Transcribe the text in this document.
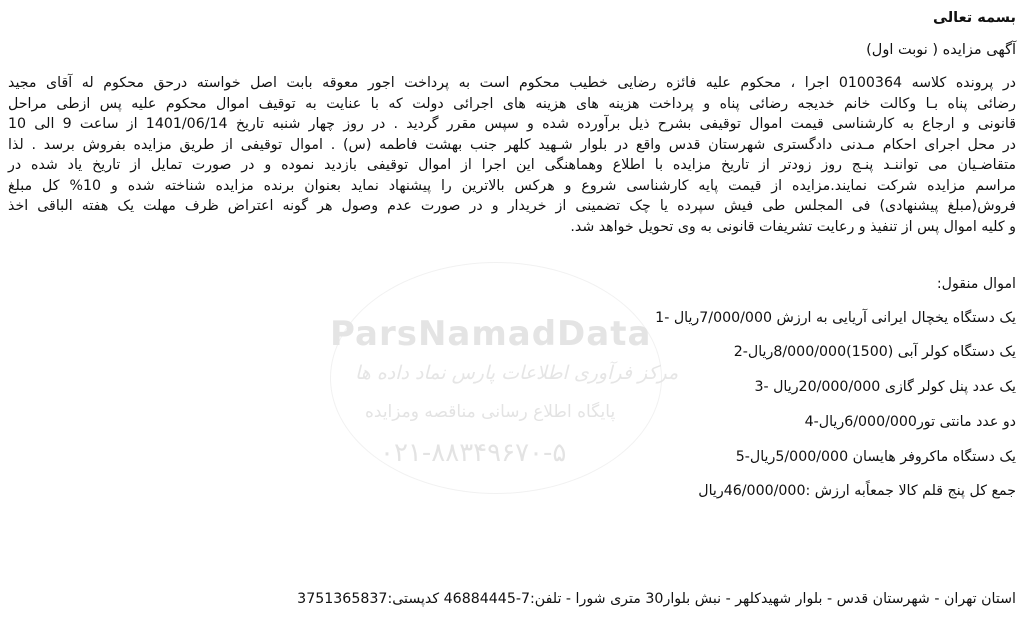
ParsNamadData
مرکز فرآوری اطلاعات پارس نماد داده ها
پایگاه اطلاع رسانی مناقصه ومزایده
۰۲۱-۸۸۳۴۹۶۷۰-۵
بسمه تعالی
آگهی مزایده ( نوبت اول)
در پرونده کلاسه 0100364 اجرا ، محکوم علیه فائزه رضایی خطیب محکوم است به پرداخت اجور معوقه بابت اصل خواسته درحق محکوم له آقای مجید
رضائی پناه بـا وکالت خانم خدیجه رضائی پناه و پرداخت هزینه های هزینه های اجرائی دولت که با عنایت به توقیف اموال محکوم علیه پس ازطی مراحل
قانونی و ارجاع به کارشناسی قیمت اموال توقیفی بشرح ذیل برآورده شده و سپس مقرر گردید . در روز چهار شنبه تاریخ 1401/06/14 از ساعت 9 الی 10
در محل اجرای احکام مـدنی دادگستری شهرستان قدس واقع در بلوار شـهید کلهر جنب بهشت فاطمه (س) . اموال توقیفی از طریق مزایده بفروش برسد . لذا
متقاضـیان می تواننـد پنـج روز زودتر از تاریخ مزایده با اطلاع وهماهنگی این اجرا از اموال توقیفی بازدید نموده و در صورت تمایل از تاریخ یاد شده در
مراسم مزایده شرکت نمایند.مزایده از قیمت پایه کارشناسی شروع و هرکس بالاترین را پیشنهاد نماید بعنوان برنده مزایده شناخته شده و 10% کل مبلغ
فروش(مبلغ پیشنهادی) فی المجلس طی فیش سپرده یا چک تضمینی از خریدار و در صورت عدم وصول هر گونه اعتراض ظرف مهلت یک هفته الباقی اخذ
و کلیه اموال پس از تنفیذ و رعایت تشریفات قانونی به وی تحویل خواهد شد.
اموال منقول:
یک دستگاه یخچال ایرانی آریایی به ارزش 7/000/000ریال -1
یک دستگاه کولر آبی (1500)8/000/000ریال-2
یک عدد پنل کولر گازی 20/000/000ریال -3
دو عدد مانتی تور6/000/000ریال-4
یک دستگاه ماکروفر هایسان 5/000/000ریال-5
جمع کل پنج قلم کالا جمعاًبه ارزش :46/000/000ریال
استان تهران - شهرستان قدس - بلوار شهیدکلهر - نبش بلوار30 متری شورا - تلفن:7-46884445 کدپستی:3751365837
